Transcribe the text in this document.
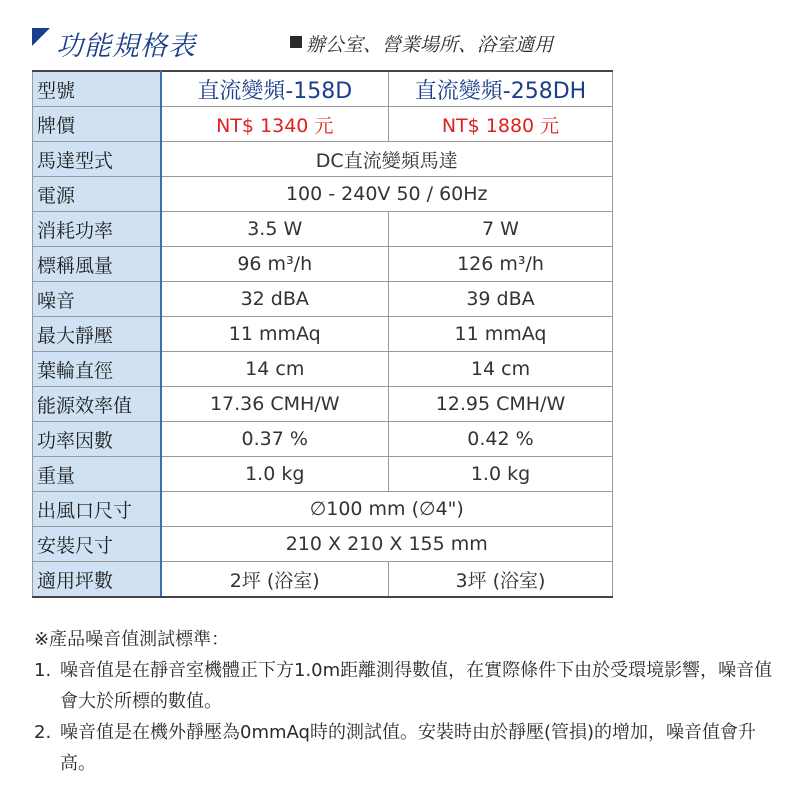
功能規格表	辦公室、營業場所、浴室適用
型號	直流變頻-158D	直流變頻-258DH
牌價	NT$ 1340 元	NT$ 1880 元
馬達型式	DC直流變頻馬達	
電源	100 - 240V 50 / 60Hz	
消耗功率	3.5 W	7 W
標稱風量	96 m³/h	126 m³/h
噪音	32 dBA	39 dBA
最大靜壓	11 mmAq	11 mmAq
葉輪直徑	14 cm	14 cm
能源效率值	17.36 CMH/W	12.95 CMH/W
功率因數	0.37 %	0.42 %
重量	1.0 kg	1.0 kg
出風口尺寸	∅100 mm (∅4")	
安裝尺寸	210 X 210 X 155 mm	
適用坪數	2坪 (浴室)	3坪 (浴室)
※產品噪音值測試標準：
1. 噪音值是在靜音室機體正下方1.0m距離測得數值，在實際條件下由於受環境影響，噪音值會大於所標的數值。
2. 噪音值是在機外靜壓為0mmAq時的測試值。安裝時由於靜壓(管損)的增加，噪音值會升高。
